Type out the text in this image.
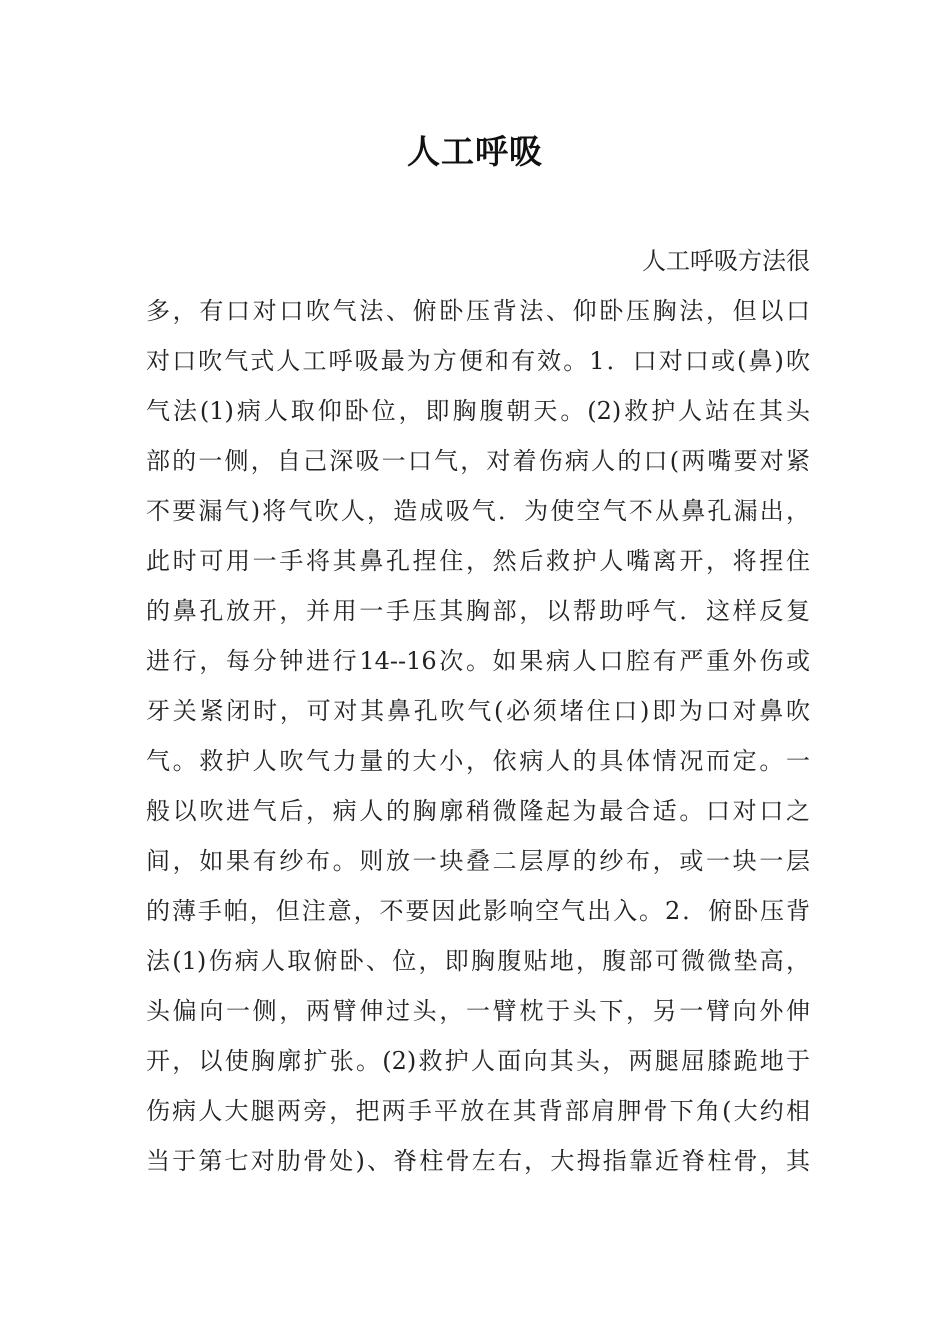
人工呼吸
人工呼吸方法很
多，有口对口吹气法、俯卧压背法、仰卧压胸法，但以口
对口吹气式人工呼吸最为方便和有效。1．口对口或(鼻)吹
气法(1)病人取仰卧位，即胸腹朝天。(2)救护人站在其头
部的一侧，自己深吸一口气，对着伤病人的口(两嘴要对紧
不要漏气)将气吹人，造成吸气．为使空气不从鼻孔漏出，
此时可用一手将其鼻孔捏住，然后救护人嘴离开，将捏住
的鼻孔放开，并用一手压其胸部，以帮助呼气．这样反复
进行，每分钟进行14--16次。如果病人口腔有严重外伤或
牙关紧闭时，可对其鼻孔吹气(必须堵住口)即为口对鼻吹
气。救护人吹气力量的大小，依病人的具体情况而定。一
般以吹进气后，病人的胸廓稍微隆起为最合适。口对口之
间，如果有纱布。则放一块叠二层厚的纱布，或一块一层
的薄手帕，但注意，不要因此影响空气出入。2．俯卧压背
法(1)伤病人取俯卧、位，即胸腹贴地，腹部可微微垫高，
头偏向一侧，两臂伸过头，一臂枕于头下，另一臂向外伸
开，以使胸廓扩张。(2)救护人面向其头，两腿屈膝跪地于
伤病人大腿两旁，把两手平放在其背部肩胛骨下角(大约相
当于第七对肋骨处)、脊柱骨左右，大拇指靠近脊柱骨，其
